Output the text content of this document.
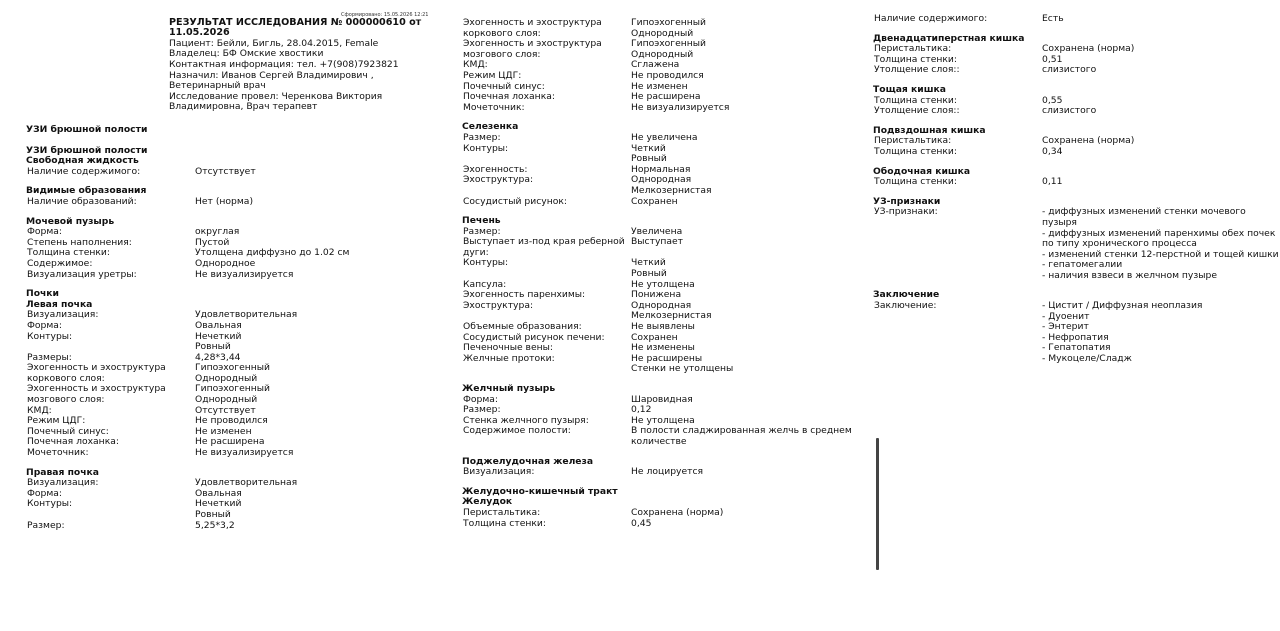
Сформировано: 15.05.2026 12:21
РЕЗУЛЬТАТ ИССЛЕДОВАНИЯ № 000000610 от 11.05.2026
Пациент: Бейли, Бигль, 28.04.2015, Female
Владелец: БФ Омские хвостики
Контактная информация: тел. +7(908)7923821
Назначил: Иванов Сергей Владимирович , Ветеринарный врач
Исследование провел: Черенкова Виктория Владимировна, Врач терапевт
УЗИ брюшной полости
УЗИ брюшной полости
Свободная жидкость
Наличие содержимого:	Отсутствует
Видимые образования
Наличие образований:	Нет (норма)
Мочевой пузырь
Форма:	округлая
Степень наполнения:	Пустой
Толщина стенки:	Утолщена диффузно до 1.02 см
Содержимое:	Однородное
Визуализация уретры:	Не визуализируется
Почки
Левая почка
Визуализация:	Удовлетворительная
Форма:	Овальная
Контуры:	Нечеткий
Ровный
Размеры:	4,28*3,44
Эхогенность и эхоструктура коркового слоя:
Гипоэхогенный
Однородный
Эхогенность и эхоструктура мозгового слоя:
Гипоэхогенный
Однородный
КМД:	Отсутствует
Режим ЦДГ:	Не проводился
Почечный синус:	Не изменен
Почечная лоханка:	Не расширена
Мочеточник:	Не визуализируется
Правая почка
Визуализация:	Удовлетворительная
Форма:	Овальная
Контуры:	Нечеткий
Ровный
Размер:	5,25*3,2
Эхогенность и эхоструктура коркового слоя:
Гипоэхогенный
Однородный
Эхогенность и эхоструктура мозгового слоя:
Гипоэхогенный
Однородный
КМД:	Сглажена
Режим ЦДГ:	Не проводился
Почечный синус:	Не изменен
Почечная лоханка:	Не расширена
Мочеточник:	Не визуализируется
Селезенка
Размер:	Не увеличена
Контуры:	Четкий
Ровный
Эхогенность:	Нормальная
Эхоструктура:	Однородная
Мелкозернистая
Сосудистый рисунок:	Сохранен
Печень
Размер:	Увеличена
Выступает из-под края реберной дуги:
Выступает
Контуры:	Четкий
Ровный
Капсула:	Не утолщена
Эхогенность паренхимы:	Понижена
Эхоструктура:	Однородная
Мелкозернистая
Объемные образования:	Не выявлены
Сосудистый рисунок печени:	Сохранен
Печеночные вены:	Не изменены
Желчные протоки:	Не расширены
Стенки не утолщены
Желчный пузырь
Форма:	Шаровидная
Размер:	0,12
Стенка желчного пузыря:	Не утолщена
Содержимое полости:	В полости сладжированная желчь в среднем количестве
Поджелудочная железа
Визуализация:	Не лоцируется
Желудочно-кишечный тракт
Желудок
Перистальтика:	Сохранена (норма)
Толщина стенки:	0,45
Наличие содержимого:	Есть
Двенадцатиперстная кишка
Перистальтика:	Сохранена (норма)
Толщина стенки:	0,51
Утолщение слоя::	слизистого
Тощая кишка
Толщина стенки:	0,55
Утолщение слоя::	слизистого
Подвздошная кишка
Перистальтика:	Сохранена (норма)
Толщина стенки:	0,34
Ободочная кишка
Толщина стенки:	0,11
УЗ-признаки
УЗ-признаки:	- диффузных изменений стенки мочевого пузыря
- диффузных изменений паренхимы обех почек по типу хронического процесса
- изменений стенки 12-перстной и тощей кишки
- гепатомегалии
- наличия взвеси в желчном пузыре
Заключение
Заключение:	- Цистит / Диффузная неоплазия
- Дуоенит
- Энтерит
- Нефропатия
- Гепатопатия
- Мукоцеле/Сладж
